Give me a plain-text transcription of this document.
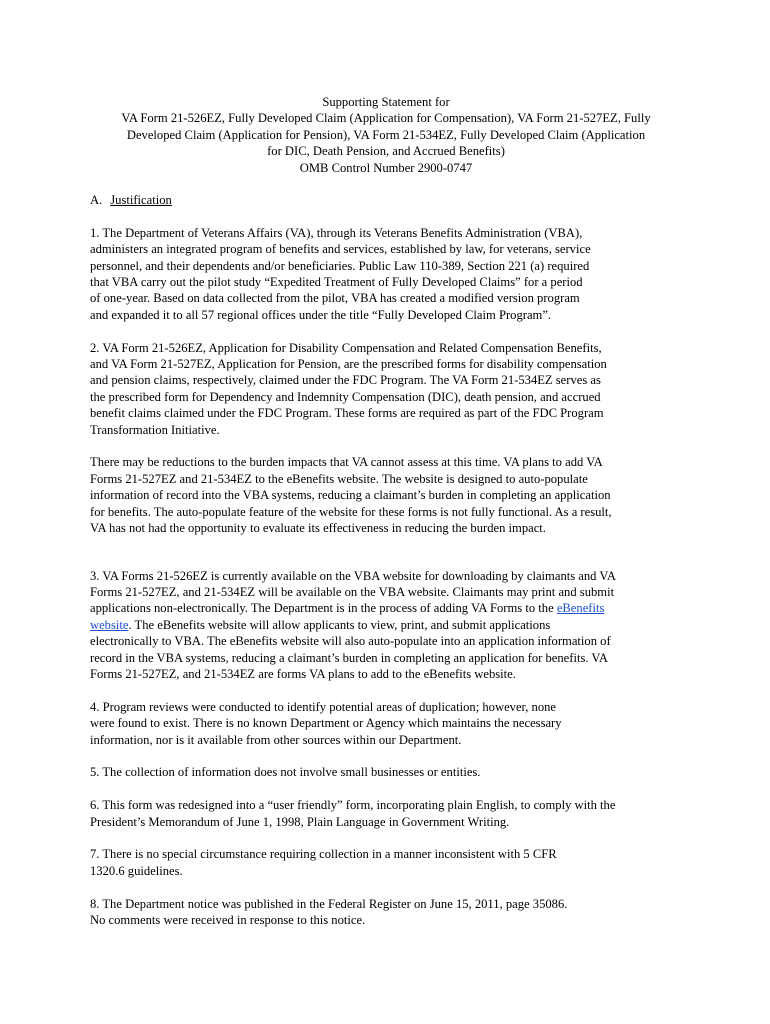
Supporting Statement for
VA Form 21-526EZ, Fully Developed Claim (Application for Compensation), VA Form 21-527EZ, Fully
Developed Claim (Application for Pension), VA Form 21-534EZ, Fully Developed Claim (Application
for DIC, Death Pension, and Accrued Benefits)
OMB Control Number 2900-0747
A. Justification

1. The Department of Veterans Affairs (VA), through its Veterans Benefits Administration (VBA),
administers an integrated program of benefits and services, established by law, for veterans, service
personnel, and their dependents and/or beneficiaries. Public Law 110-389, Section 221 (a) required
that VBA carry out the pilot study “Expedited Treatment of Fully Developed Claims” for a period
of one-year. Based on data collected from the pilot, VBA has created a modified version program
and expanded it to all 57 regional offices under the title “Fully Developed Claim Program”.

2. VA Form 21-526EZ, Application for Disability Compensation and Related Compensation Benefits,
and VA Form 21-527EZ, Application for Pension, are the prescribed forms for disability compensation
and pension claims, respectively, claimed under the FDC Program. The VA Form 21-534EZ serves as
the prescribed form for Dependency and Indemnity Compensation (DIC), death pension, and accrued
benefit claims claimed under the FDC Program. These forms are required as part of the FDC Program
Transformation Initiative.

There may be reductions to the burden impacts that VA cannot assess at this time. VA plans to add VA
Forms 21-527EZ and 21-534EZ to the eBenefits website. The website is designed to auto-populate
information of record into the VBA systems, reducing a claimant’s burden in completing an application
for benefits. The auto-populate feature of the website for these forms is not fully functional. As a result,
VA has not had the opportunity to evaluate its effectiveness in reducing the burden impact.

3. VA Forms 21-526EZ is currently available on the VBA website for downloading by claimants and VA
Forms 21-527EZ, and 21-534EZ will be available on the VBA website. Claimants may print and submit
applications non-electronically. The Department is in the process of adding VA Forms to the eBenefits
website. The eBenefits website will allow applicants to view, print, and submit applications
electronically to VBA. The eBenefits website will also auto-populate into an application information of
record in the VBA systems, reducing a claimant’s burden in completing an application for benefits. VA
Forms 21-527EZ, and 21-534EZ are forms VA plans to add to the eBenefits website.

4. Program reviews were conducted to identify potential areas of duplication; however, none
were found to exist. There is no known Department or Agency which maintains the necessary
information, nor is it available from other sources within our Department.

5. The collection of information does not involve small businesses or entities.

6. This form was redesigned into a “user friendly” form, incorporating plain English, to comply with the
President’s Memorandum of June 1, 1998, Plain Language in Government Writing.

7. There is no special circumstance requiring collection in a manner inconsistent with 5 CFR
1320.6 guidelines.

8. The Department notice was published in the Federal Register on June 15, 2011, page 35086.
No comments were received in response to this notice.
